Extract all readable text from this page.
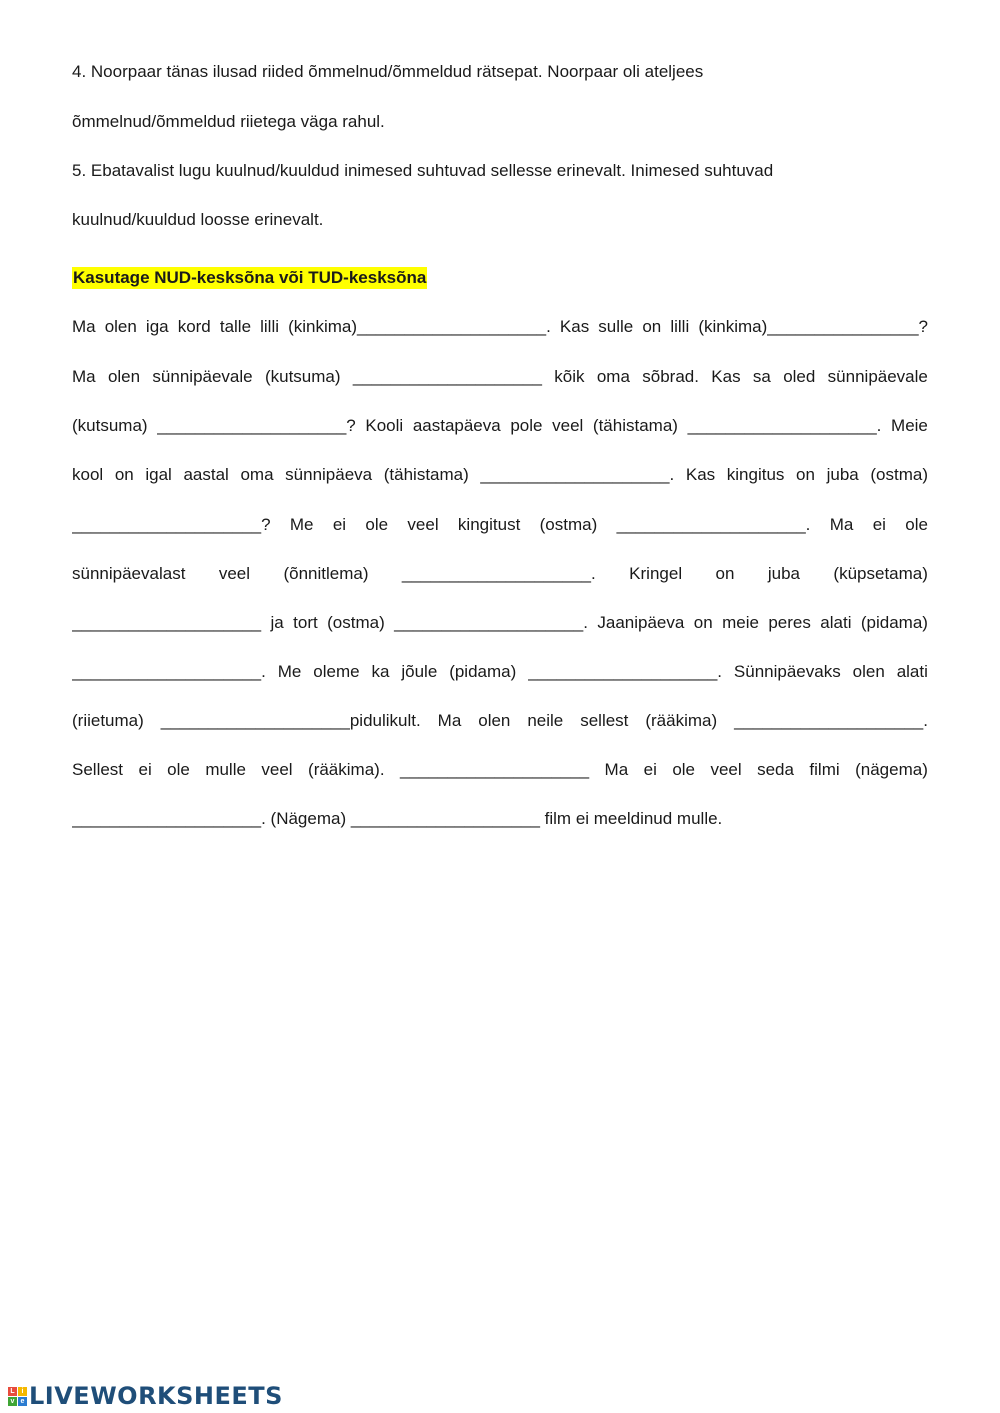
4. Noorpaar tänas ilusad riided õmmelnud/õmmeldud rätsepat. Noorpaar oli ateljees
õmmelnud/õmmeldud riietega väga rahul.
5. Ebatavalist lugu kuulnud/kuuldud inimesed suhtuvad sellesse erinevalt. Inimesed suhtuvad
kuulnud/kuuldud loosse erinevalt.
Kasutage NUD-kesksõna või TUD-kesksõna
Ma olen iga kord talle lilli (kinkima)____________________. Kas sulle on lilli (kinkima)________________?
Ma olen sünnipäevale (kutsuma) ____________________ kõik oma sõbrad. Kas sa oled sünnipäevale
(kutsuma) ____________________? Kooli aastapäeva pole veel (tähistama) ____________________. Meie
kool on igal aastal oma sünnipäeva (tähistama) ____________________. Kas kingitus on juba (ostma)
____________________? Me ei ole veel kingitust (ostma) ____________________. Ma ei ole
sünnipäevalast veel (õnnitlema) ____________________. Kringel on juba (küpsetama)
____________________ ja tort (ostma) ____________________. Jaanipäeva on meie peres alati (pidama)
____________________. Me oleme ka jõule (pidama) ____________________. Sünnipäevaks olen alati
(riietuma) ____________________pidulikult. Ma olen neile sellest (rääkima) ____________________.
Sellest ei ole mulle veel (rääkima). ____________________ Ma ei ole veel seda filmi (nägema)
____________________. (Nägema) ____________________ film ei meeldinud mulle.
L i
v e LIVEWORKSHEETS
